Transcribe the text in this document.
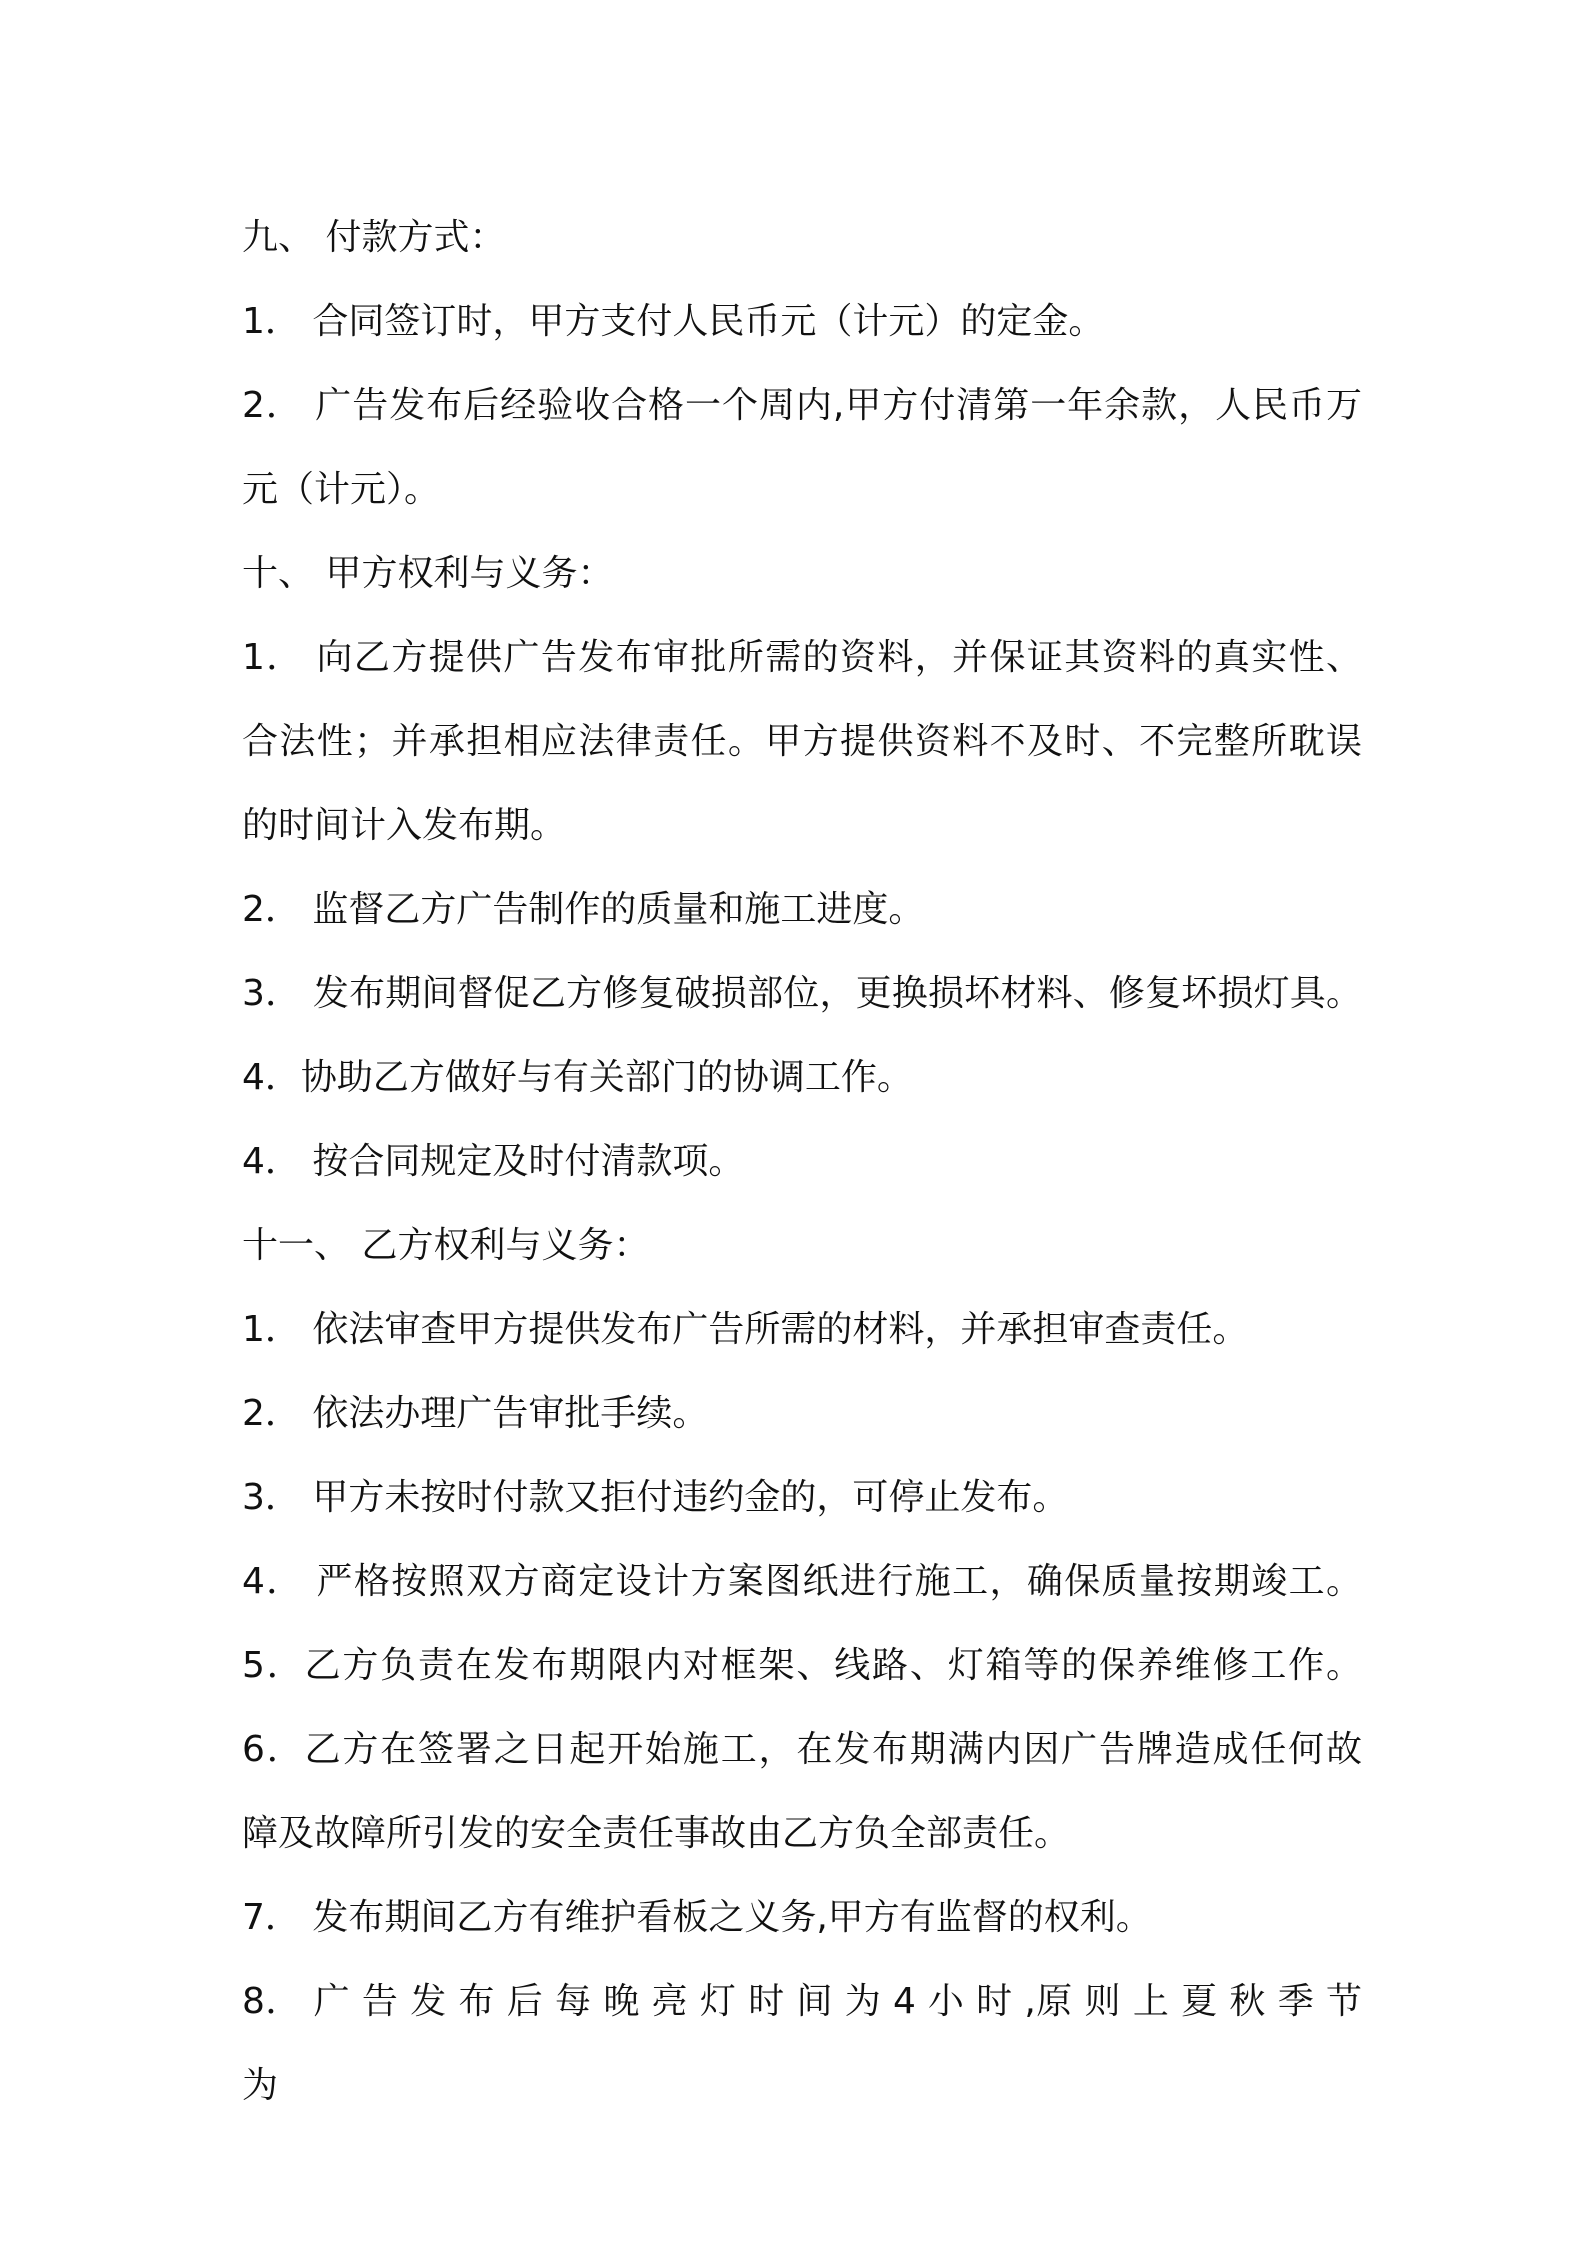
九、 付款方式：

1． 合同签订时，甲方支付人民币元（计元）的定金。

2． 广告发布后经验收合格一个周内,甲方付清第一年余款，人民币万

元（计元）。

十、 甲方权利与义务：

1． 向乙方提供广告发布审批所需的资料，并保证其资料的真实性、

合法性；并承担相应法律责任。甲方提供资料不及时、不完整所耽误

的时间计入发布期。

2． 监督乙方广告制作的质量和施工进度。

3． 发布期间督促乙方修复破损部位，更换损坏材料、修复坏损灯具。

4．协助乙方做好与有关部门的协调工作。

4． 按合同规定及时付清款项。

十一、 乙方权利与义务：

1． 依法审查甲方提供发布广告所需的材料，并承担审查责任。

2． 依法办理广告审批手续。

3． 甲方未按时付款又拒付违约金的，可停止发布。

4． 严格按照双方商定设计方案图纸进行施工，确保质量按期竣工。

5．乙方负责在发布期限内对框架、线路、灯箱等的保养维修工作。

6．乙方在签署之日起开始施工，在发布期满内因广告牌造成任何故

障及故障所引发的安全责任事故由乙方负全部责任。

7． 发布期间乙方有维护看板之义务,甲方有监督的权利。

8． 广 告 发 布 后 每 晚 亮 灯 时 间 为 4 小 时 ,原 则 上 夏 秋 季 节 为
